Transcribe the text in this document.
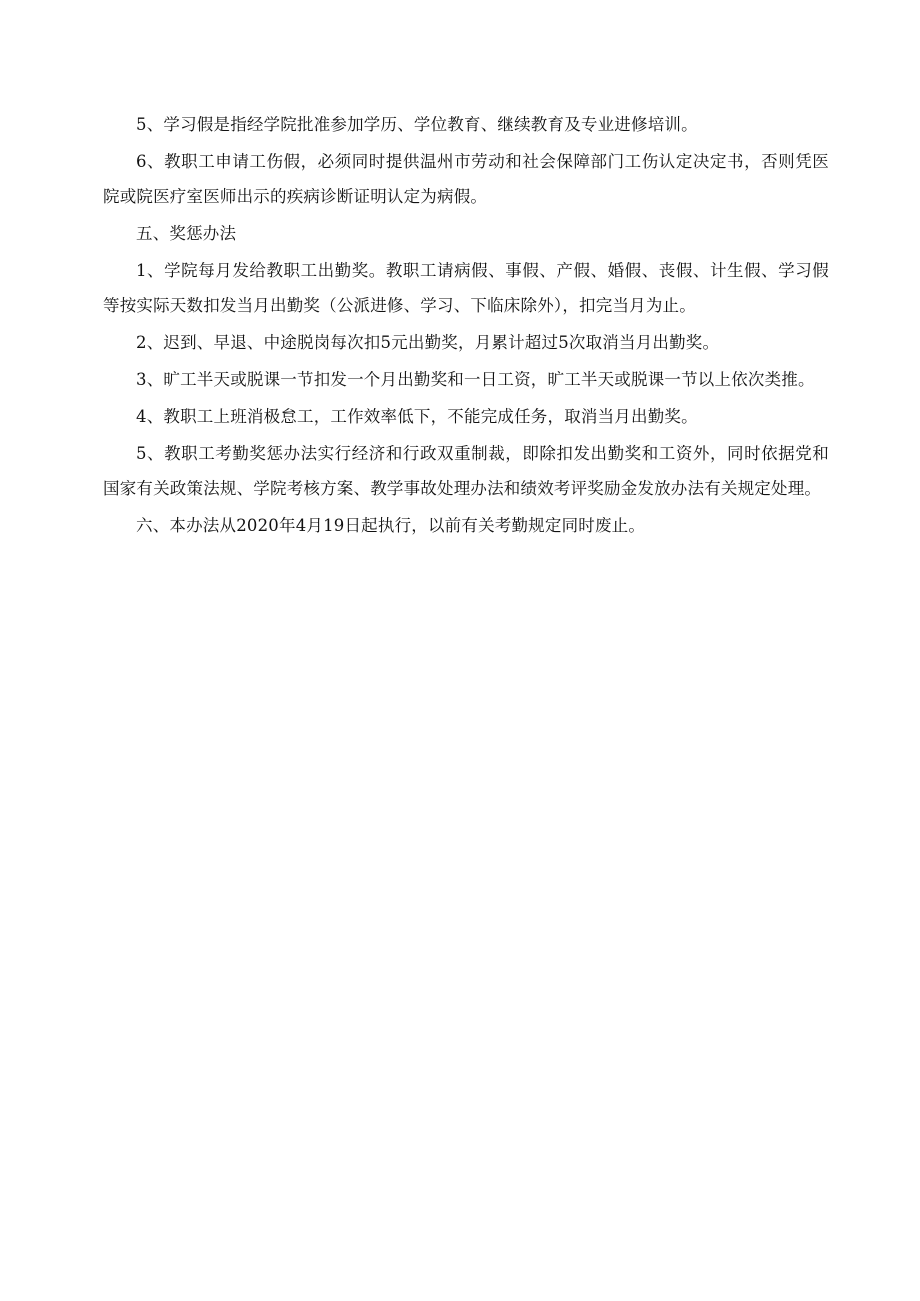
5、学习假是指经学院批准参加学历、学位教育、继续教育及专业进修培训。

6、教职工申请工伤假，必须同时提供温州市劳动和社会保障部门工伤认定决定书，否则凭医院或院医疗室医师出示的疾病诊断证明认定为病假。

五、奖惩办法

1、学院每月发给教职工出勤奖。教职工请病假、事假、产假、婚假、丧假、计生假、学习假等按实际天数扣发当月出勤奖（公派进修、学习、下临床除外），扣完当月为止。

2、迟到、早退、中途脱岗每次扣5元出勤奖，月累计超过5次取消当月出勤奖。

3、旷工半天或脱课一节扣发一个月出勤奖和一日工资，旷工半天或脱课一节以上依次类推。

4、教职工上班消极怠工，工作效率低下，不能完成任务，取消当月出勤奖。

5、教职工考勤奖惩办法实行经济和行政双重制裁，即除扣发出勤奖和工资外，同时依据党和国家有关政策法规、学院考核方案、教学事故处理办法和绩效考评奖励金发放办法有关规定处理。

六、本办法从2020年4月19日起执行，以前有关考勤规定同时废止。
